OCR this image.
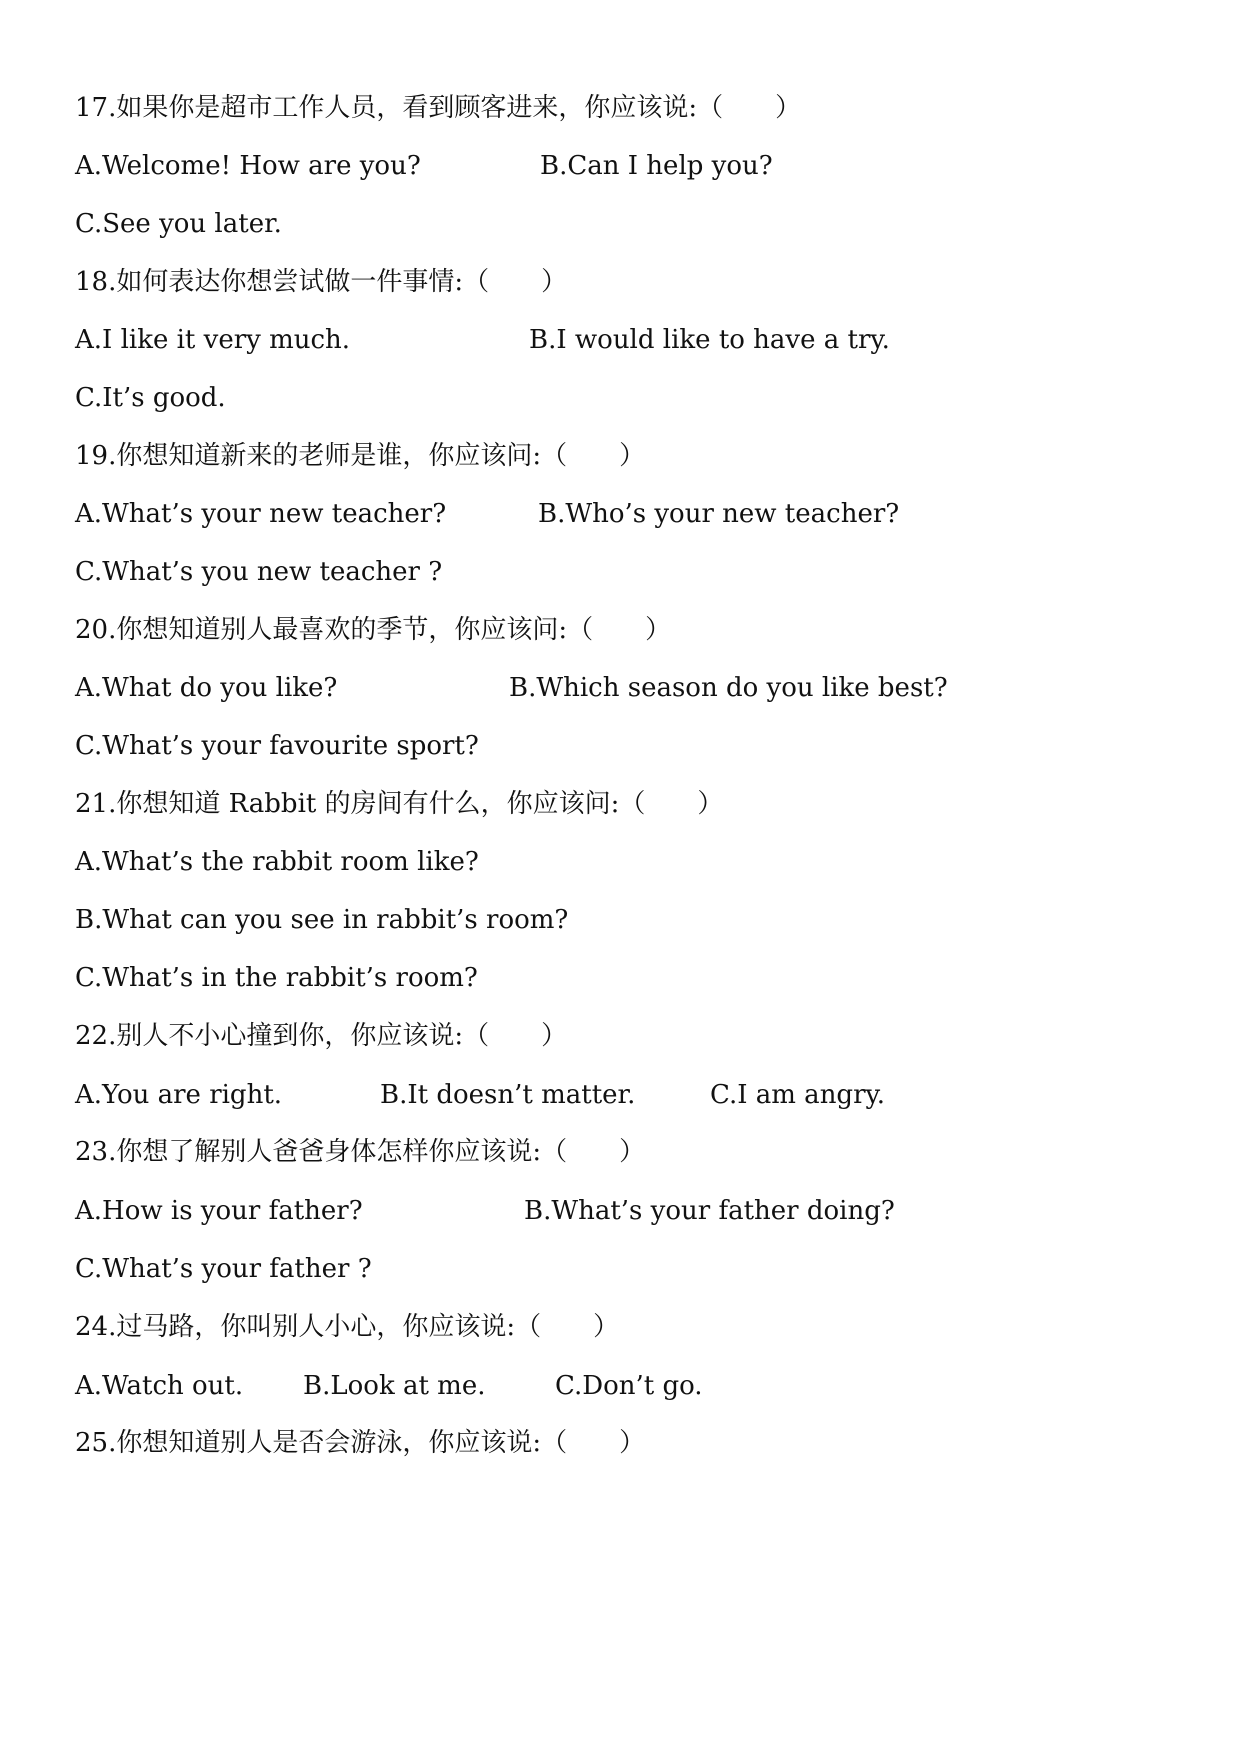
17.如果你是超市工作人员，看到顾客进来，你应该说:（　　）
A.Welcome! How are you?	B.Can I help you?
C.See you later.
18.如何表达你想尝试做一件事情:（　　）
A.I like it very much.	B.I would like to have a try.
C.It’s good.
19.你想知道新来的老师是谁，你应该问:（　　）
A.What’s your new teacher?	B.Who’s your new teacher?
C.What’s you new teacher ?
20.你想知道别人最喜欢的季节，你应该问:（　　）
A.What do you like?	B.Which season do you like best?
C.What’s your favourite sport?
21.你想知道 Rabbit 的房间有什么，你应该问:（　　）
A.What’s the rabbit room like?
B.What can you see in rabbit’s room?
C.What’s in the rabbit’s room?
22.别人不小心撞到你，你应该说:（　　）
A.You are right.	B.It doesn’t matter.	C.I am angry.
23.你想了解别人爸爸身体怎样你应该说:（　　）
A.How is your father?	B.What’s your father doing?
C.What’s your father ?
24.过马路，你叫别人小心，你应该说:（　　）
A.Watch out. B.Look at me.	C.Don’t go.
25.你想知道别人是否会游泳，你应该说:（　　）
